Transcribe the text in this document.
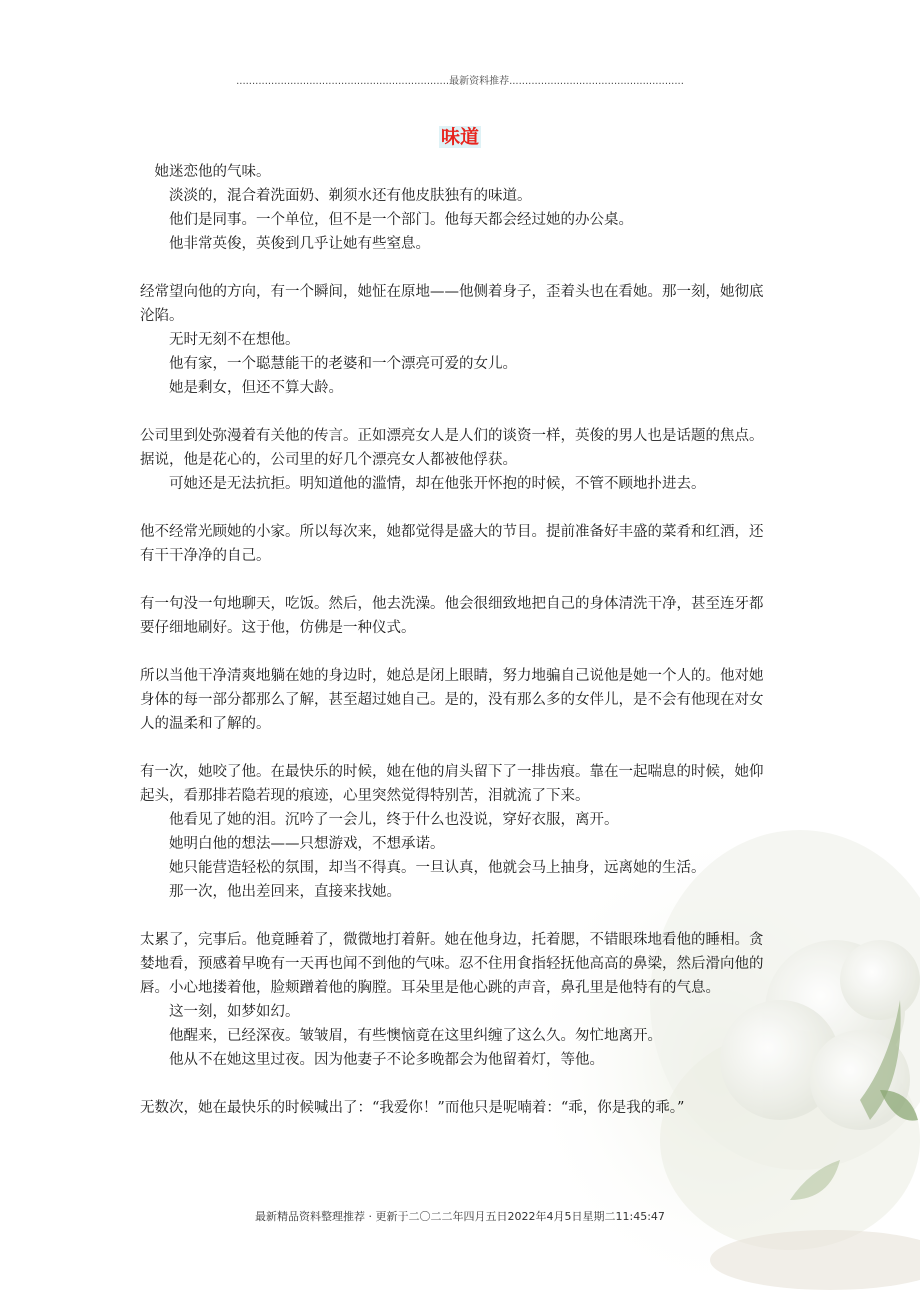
...................................................................最新资料推荐.......................................................
味道

她迷恋他的气味。

淡淡的，混合着洗面奶、剃须水还有他皮肤独有的味道。

他们是同事。一个单位，但不是一个部门。他每天都会经过她的办公桌。

他非常英俊，英俊到几乎让她有些窒息。

经常望向他的方向，有一个瞬间，她怔在原地——他侧着身子，歪着头也在看她。那一刻，她彻底沦陷。

无时无刻不在想他。

他有家，一个聪慧能干的老婆和一个漂亮可爱的女儿。

她是剩女，但还不算大龄。

公司里到处弥漫着有关他的传言。正如漂亮女人是人们的谈资一样，英俊的男人也是话题的焦点。据说，他是花心的，公司里的好几个漂亮女人都被他俘获。

可她还是无法抗拒。明知道他的滥情，却在他张开怀抱的时候，不管不顾地扑进去。

他不经常光顾她的小家。所以每次来，她都觉得是盛大的节目。提前准备好丰盛的菜肴和红酒，还有干干净净的自己。

有一句没一句地聊天，吃饭。然后，他去洗澡。他会很细致地把自己的身体清洗干净，甚至连牙都要仔细地刷好。这于他，仿佛是一种仪式。

所以当他干净清爽地躺在她的身边时，她总是闭上眼睛，努力地骗自己说他是她一个人的。他对她身体的每一部分都那么了解，甚至超过她自己。是的，没有那么多的女伴儿，是不会有他现在对女人的温柔和了解的。

有一次，她咬了他。在最快乐的时候，她在他的肩头留下了一排齿痕。靠在一起喘息的时候，她仰起头，看那排若隐若现的痕迹，心里突然觉得特别苦，泪就流了下来。

他看见了她的泪。沉吟了一会儿，终于什么也没说，穿好衣服，离开。

她明白他的想法——只想游戏，不想承诺。

她只能营造轻松的氛围，却当不得真。一旦认真，他就会马上抽身，远离她的生活。

那一次，他出差回来，直接来找她。

太累了，完事后。他竟睡着了，微微地打着鼾。她在他身边，托着腮，不错眼珠地看他的睡相。贪婪地看，预感着早晚有一天再也闻不到他的气味。忍不住用食指轻抚他高高的鼻梁，然后滑向他的唇。小心地搂着他，脸颊蹭着他的胸膛。耳朵里是他心跳的声音，鼻孔里是他特有的气息。

这一刻，如梦如幻。

他醒来，已经深夜。皱皱眉，有些懊恼竟在这里纠缠了这么久。匆忙地离开。

他从不在她这里过夜。因为他妻子不论多晚都会为他留着灯，等他。

无数次，她在最快乐的时候喊出了：“我爱你！”而他只是呢喃着：“乖，你是我的乖。”

最新精品资料整理推荐 · 更新于二〇二二年四月五日2022年4月5日星期二11:45:47
